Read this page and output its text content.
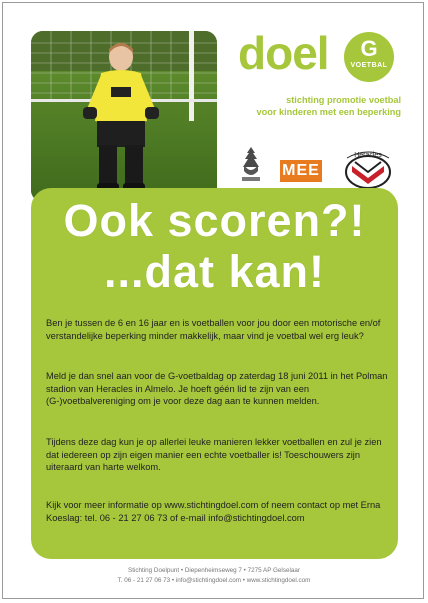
doel	G
VOETBAL
stichting promotie voetbal
voor kinderen met een beperking
MEE
Heracles
Ook scoren?!
...dat kan!

Ben je tussen de 6 en 16 jaar en is voetballen voor jou door een motorische en/of verstandelijke beperking minder makkelijk, maar vind je voetbal wel erg leuk?

Meld je dan snel aan voor de G-voetbaldag op zaterdag 18 juni 2011 in het Polman stadion van Heracles in Almelo. Je hoeft géén lid te zijn van een (G-)voetbalvereniging om je voor deze dag aan te kunnen melden.

Tijdens deze dag kun je op allerlei leuke manieren lekker voetballen en zul je zien dat iedereen op zijn eigen manier een echte voetballer is! Toeschouwers zijn uiteraard van harte welkom.

Kijk voor meer informatie op www.stichtingdoel.com of neem contact op met Erna Koeslag: tel. 06 - 21 27 06 73 of e-mail info@stichtingdoel.com

Stichting Doelpunt • Diepenheimseweg 7 • 7275 AP Gelselaar
T. 06 - 21 27 06 73 • info@stichtingdoel.com • www.stichtingdoel.com
